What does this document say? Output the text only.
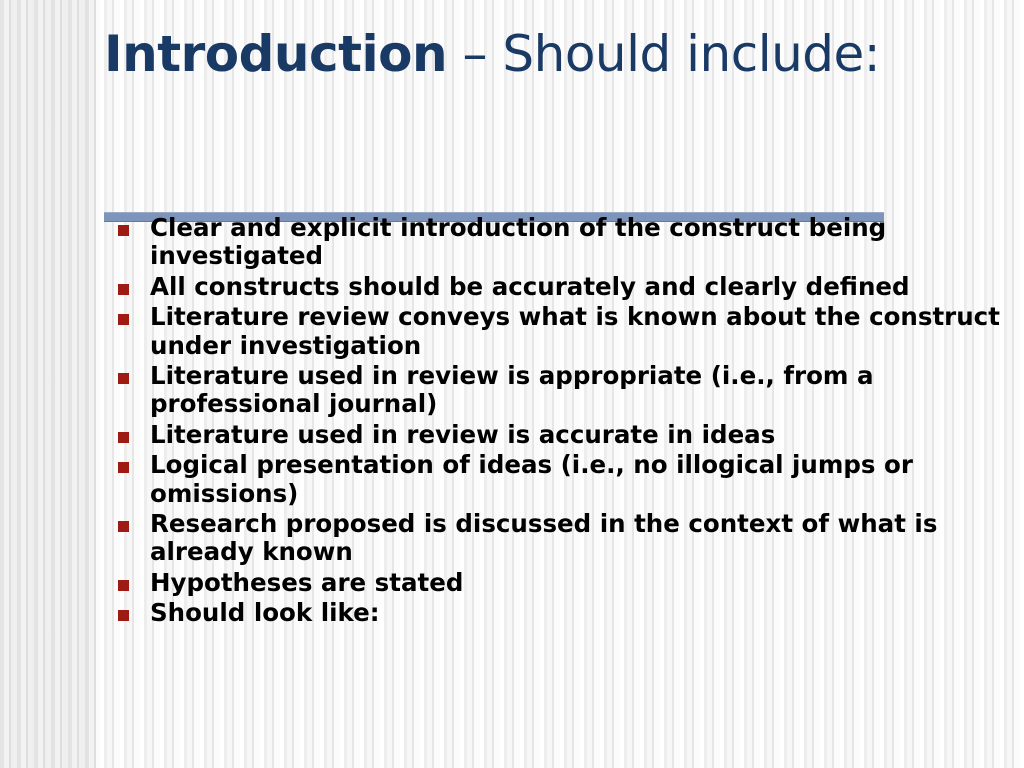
Introduction – Should include:
Clear and explicit introduction of the construct being investigated
All constructs should be accurately and clearly defined
Literature review conveys what is known about the construct under investigation
Literature used in review is appropriate (i.e., from a professional journal)
Literature used in review is accurate in ideas
Logical presentation of ideas (i.e., no illogical jumps or omissions)
Research proposed is discussed in the context of what is already known
Hypotheses are stated
Should look like:
